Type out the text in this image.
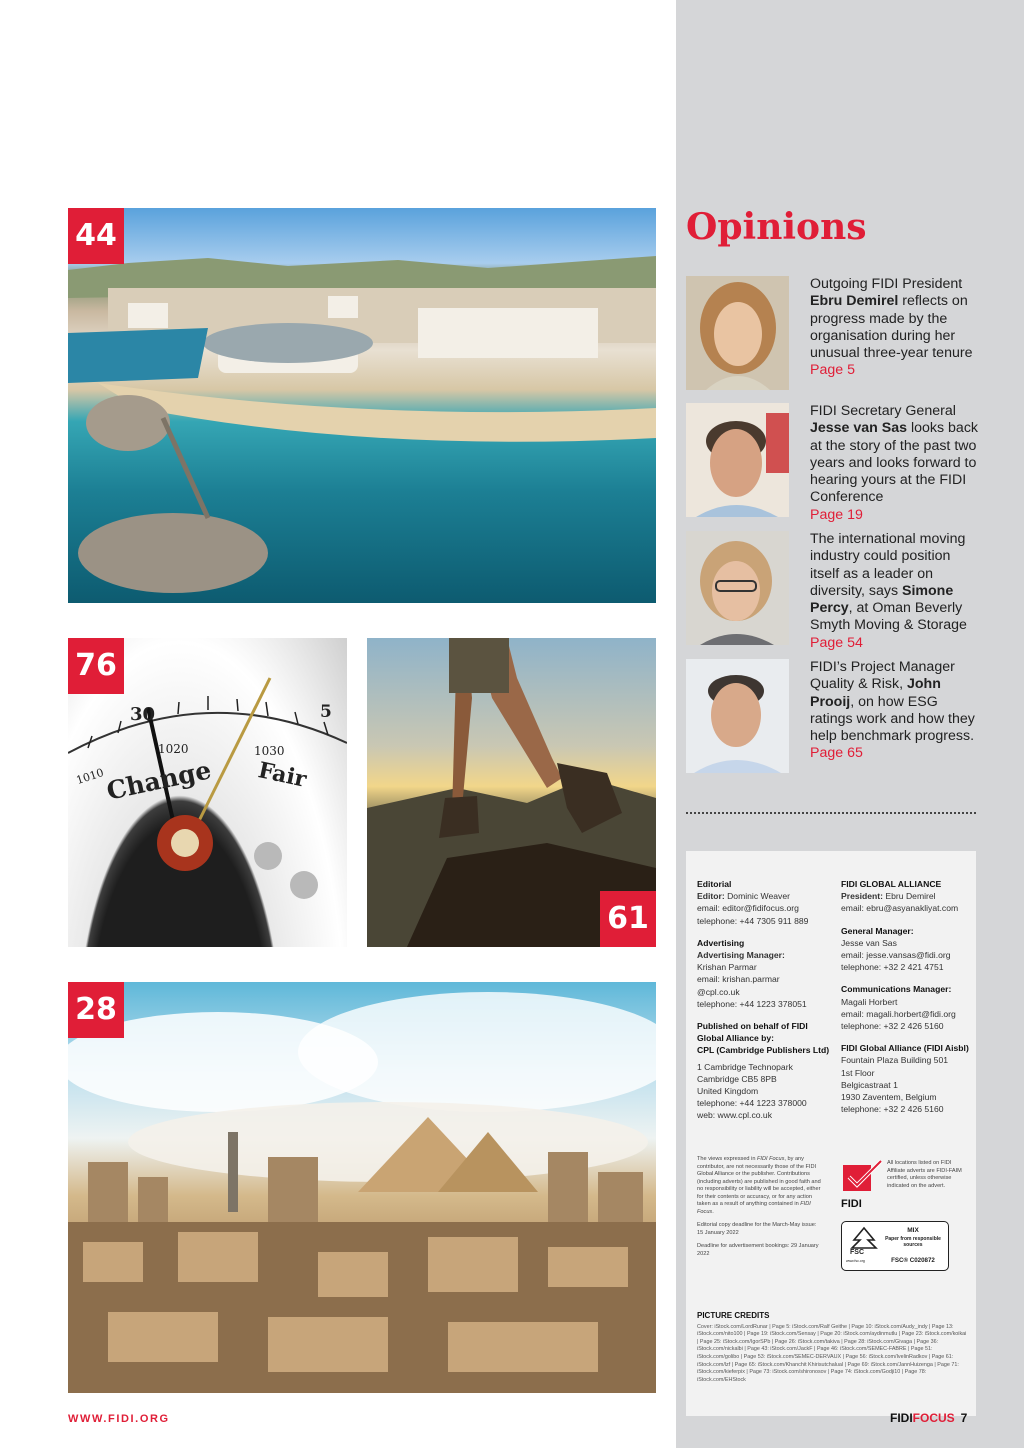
44
Change Fair
30
1020
1010
1030
5
76
61
28
Opinions
Outgoing FIDI President Ebru Demirel reflects on progress made by the organisation during her unusual three-year tenure
Page 5
FIDI Secretary General Jesse van Sas looks back at the story of the past two years and looks forward to hearing yours at the FIDI Conference
Page 19
The international moving industry could position itself as a leader on diversity, says Simone Percy, at Oman Beverly Smyth Moving & Storage
Page 54
FIDI’s Project Manager Quality & Risk, John Prooij, on how ESG ratings work and how they help benchmark progress.
Page 65

Editorial

Editor: Dominic Weaver

email: editor@fidifocus.org

telephone: +44 7305 911 889

Advertising

Advertising Manager:

Krishan Parmar

email: krishan.parmar

@cpl.co.uk

telephone: +44 1223 378051

Published on behalf of FIDI Global Alliance by:

CPL (Cambridge Publishers Ltd)

1 Cambridge Technopark

Cambridge CB5 8PB

United Kingdom

telephone: +44 1223 378000

web: www.cpl.co.uk

FIDI GLOBAL ALLIANCE

President: Ebru Demirel

email: ebru@asyanakliyat.com

General Manager:

Jesse van Sas

email: jesse.vansas@fidi.org

telephone: +32 2 421 4751

Communications Manager:

Magali Horbert

email: magali.horbert@fidi.org

telephone: +32 2 426 5160

FIDI Global Alliance (FIDI Aisbl)

Fountain Plaza Building 501

1st Floor

Belgicastraat 1

1930 Zaventem, Belgium

telephone: +32 2 426 5160

The views expressed in FIDI Focus, by any contributor, are not necessarily those of the FIDI Global Alliance or the publisher. Contributions (including adverts) are published in good faith and no responsibility or liability will be accepted, either for their contents or accuracy, or for any action taken as a result of anything contained in FIDI Focus.

Editorial copy deadline for the March-May issue: 15 January 2022

Deadline for advertisement bookings: 29 January 2022

FIDI
All locations listed on FIDI Affiliate adverts are FIDI-FAIM certified, unless otherwise indicated on the advert.
FSC
www.fsc.org
MIX
Paper from responsible sources
FSC® C020872
PICTURE CREDITS
Cover: iStock.com/LordRunar | Page 5: iStock.com/Ralf Geithe | Page 10: iStock.com/Audy_indy | Page 13: iStock.com/nito100 | Page 19: iStock.com/Sensay | Page 20: iStock.com/aydinmutlu | Page 23: iStock.com/koikai | Page 25: iStock.com/IgorSPb | Page 26: iStock.com/takiva | Page 28: iStock.com/Givaga | Page 36: iStock.com/nickalbi | Page 43: iStock.com/JackF | Page 46: iStock.com/SEMEC-FABRE | Page 51: iStock.com/golibo | Page 53: iStock.com/SEMEC-DERVAUX | Page 56: iStock.com/IvelinRadkov | Page 61: iStock.com/lzf | Page 65: iStock.com/Khanchit Khirisutchalual | Page 69: iStock.com/JannHuizenga | Page 71: iStock.com/kieferpix | Page 73: iStock.com/shironosov | Page 74: iStock.com/Godji10 | Page 78: iStock.com/EHStock
WWW.FIDI.ORG	FIDIFOCUS 7
